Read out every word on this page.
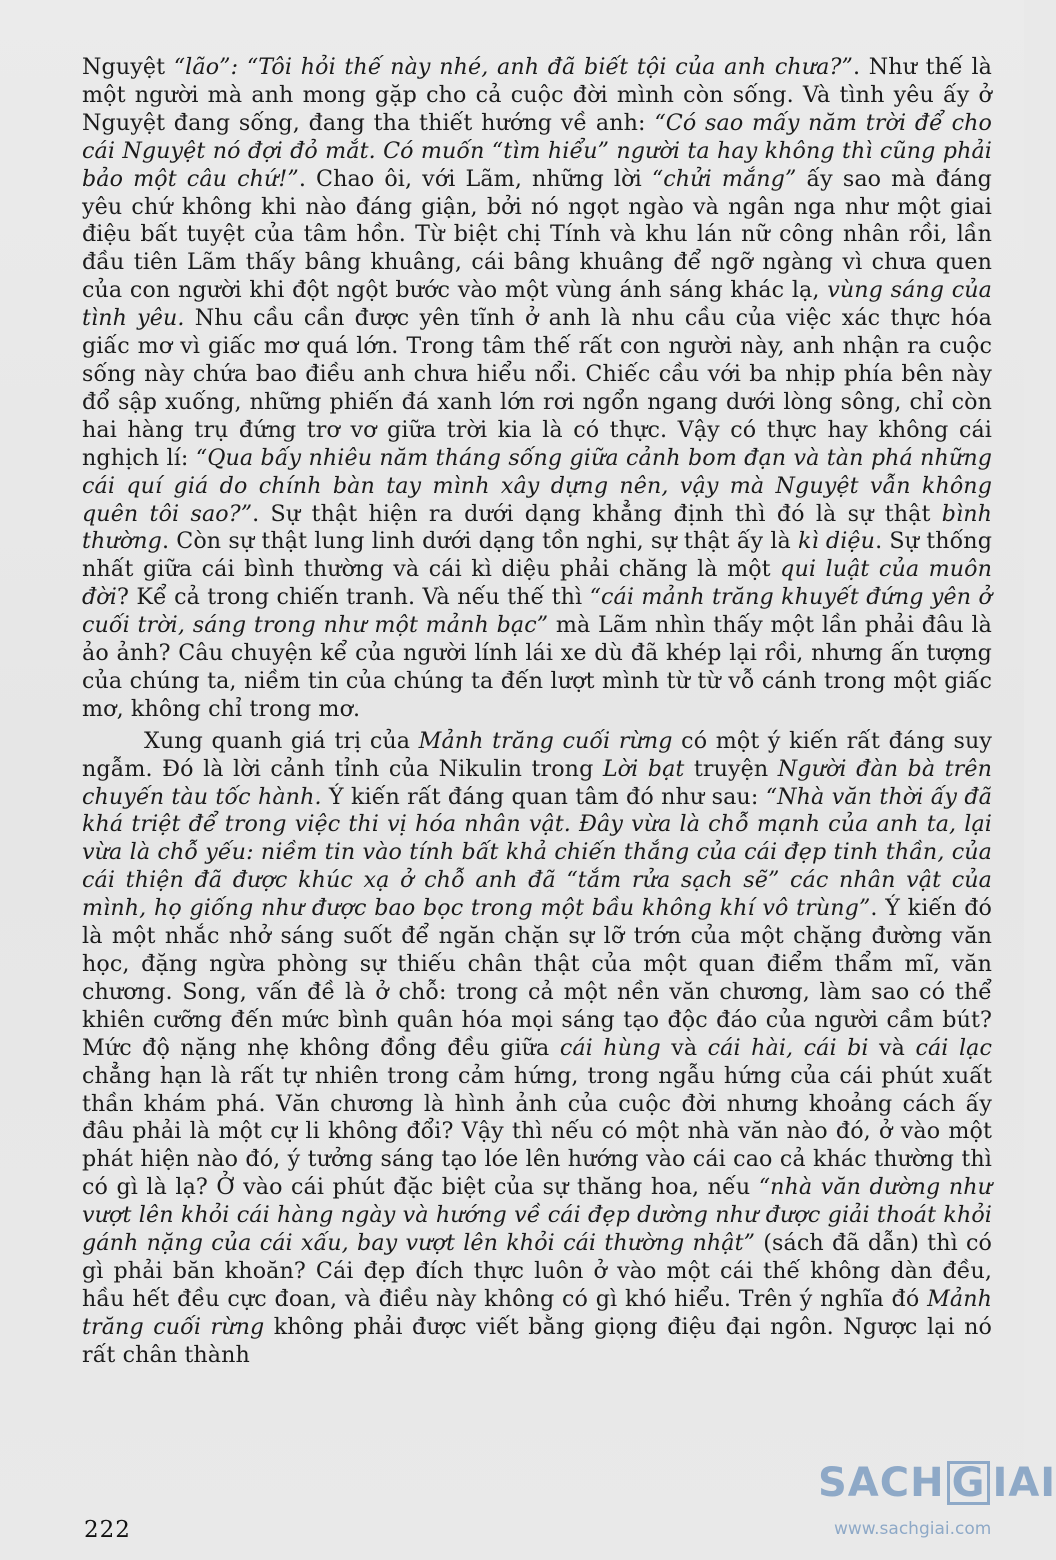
Nguyệt “lão”: “Tôi hỏi thế này nhé, anh đã biết tội của anh chưa?”. Như thế là một người mà anh mong gặp cho cả cuộc đời mình còn sống. Và tình yêu ấy ở Nguyệt đang sống, đang tha thiết hướng về anh: “Có sao mấy năm trời để cho cái Nguyệt nó đợi đỏ mắt. Có muốn “tìm hiểu” người ta hay không thì cũng phải bảo một câu chứ!”. Chao ôi, với Lãm, những lời “chửi mắng” ấy sao mà đáng yêu chứ không khi nào đáng giận, bởi nó ngọt ngào và ngân nga như một giai điệu bất tuyệt của tâm hồn. Từ biệt chị Tính và khu lán nữ công nhân rồi, lần đầu tiên Lãm thấy bâng khuâng, cái bâng khuâng để ngỡ ngàng vì chưa quen của con người khi đột ngột bước vào một vùng ánh sáng khác lạ, vùng sáng của tình yêu. Nhu cầu cần được yên tĩnh ở anh là nhu cầu của việc xác thực hóa giấc mơ vì giấc mơ quá lớn. Trong tâm thế rất con người này, anh nhận ra cuộc sống này chứa bao điều anh chưa hiểu nổi. Chiếc cầu với ba nhịp phía bên này đổ sập xuống, những phiến đá xanh lớn rơi ngổn ngang dưới lòng sông, chỉ còn hai hàng trụ đứng trơ vơ giữa trời kia là có thực. Vậy có thực hay không cái nghịch lí: “Qua bấy nhiêu năm tháng sống giữa cảnh bom đạn và tàn phá những cái quí giá do chính bàn tay mình xây dựng nên, vậy mà Nguyệt vẫn không quên tôi sao?”. Sự thật hiện ra dưới dạng khẳng định thì đó là sự thật bình thường. Còn sự thật lung linh dưới dạng tồn nghi, sự thật ấy là kì diệu. Sự thống nhất giữa cái bình thường và cái kì diệu phải chăng là một qui luật của muôn đời? Kể cả trong chiến tranh. Và nếu thế thì “cái mảnh trăng khuyết đứng yên ở cuối trời, sáng trong như một mảnh bạc” mà Lãm nhìn thấy một lần phải đâu là ảo ảnh? Câu chuyện kể của người lính lái xe dù đã khép lại rồi, nhưng ấn tượng của chúng ta, niềm tin của chúng ta đến lượt mình từ từ vỗ cánh trong một giấc mơ, không chỉ trong mơ.

Xung quanh giá trị của Mảnh trăng cuối rừng có một ý kiến rất đáng suy ngẫm. Đó là lời cảnh tỉnh của Nikulin trong Lời bạt truyện Người đàn bà trên chuyến tàu tốc hành. Ý kiến rất đáng quan tâm đó như sau: “Nhà văn thời ấy đã khá triệt để trong việc thi vị hóa nhân vật. Đây vừa là chỗ mạnh của anh ta, lại vừa là chỗ yếu: niềm tin vào tính bất khả chiến thắng của cái đẹp tinh thần, của cái thiện đã được khúc xạ ở chỗ anh đã “tắm rửa sạch sẽ” các nhân vật của mình, họ giống như được bao bọc trong một bầu không khí vô trùng”. Ý kiến đó là một nhắc nhở sáng suốt để ngăn chặn sự lỡ trớn của một chặng đường văn học, đặng ngừa phòng sự thiếu chân thật của một quan điểm thẩm mĩ, văn chương. Song, vấn đề là ở chỗ: trong cả một nền văn chương, làm sao có thể khiên cưỡng đến mức bình quân hóa mọi sáng tạo độc đáo của người cầm bút? Mức độ nặng nhẹ không đồng đều giữa cái hùng và cái hài, cái bi và cái lạc chẳng hạn là rất tự nhiên trong cảm hứng, trong ngẫu hứng của cái phút xuất thần khám phá. Văn chương là hình ảnh của cuộc đời nhưng khoảng cách ấy đâu phải là một cự li không đổi? Vậy thì nếu có một nhà văn nào đó, ở vào một phát hiện nào đó, ý tưởng sáng tạo lóe lên hướng vào cái cao cả khác thường thì có gì là lạ? Ở vào cái phút đặc biệt của sự thăng hoa, nếu “nhà văn dường như vượt lên khỏi cái hàng ngày và hướng về cái đẹp dường như được giải thoát khỏi gánh nặng của cái xấu, bay vượt lên khỏi cái thường nhật” (sách đã dẫn) thì có gì phải băn khoăn? Cái đẹp đích thực luôn ở vào một cái thế không dàn đều, hầu hết đều cực đoan, và điều này không có gì khó hiểu. Trên ý nghĩa đó Mảnh trăng cuối rừng không phải được viết bằng giọng điệu đại ngôn. Ngược lại nó rất chân thành

222
SACH G IAI
www.sachgiai.com
